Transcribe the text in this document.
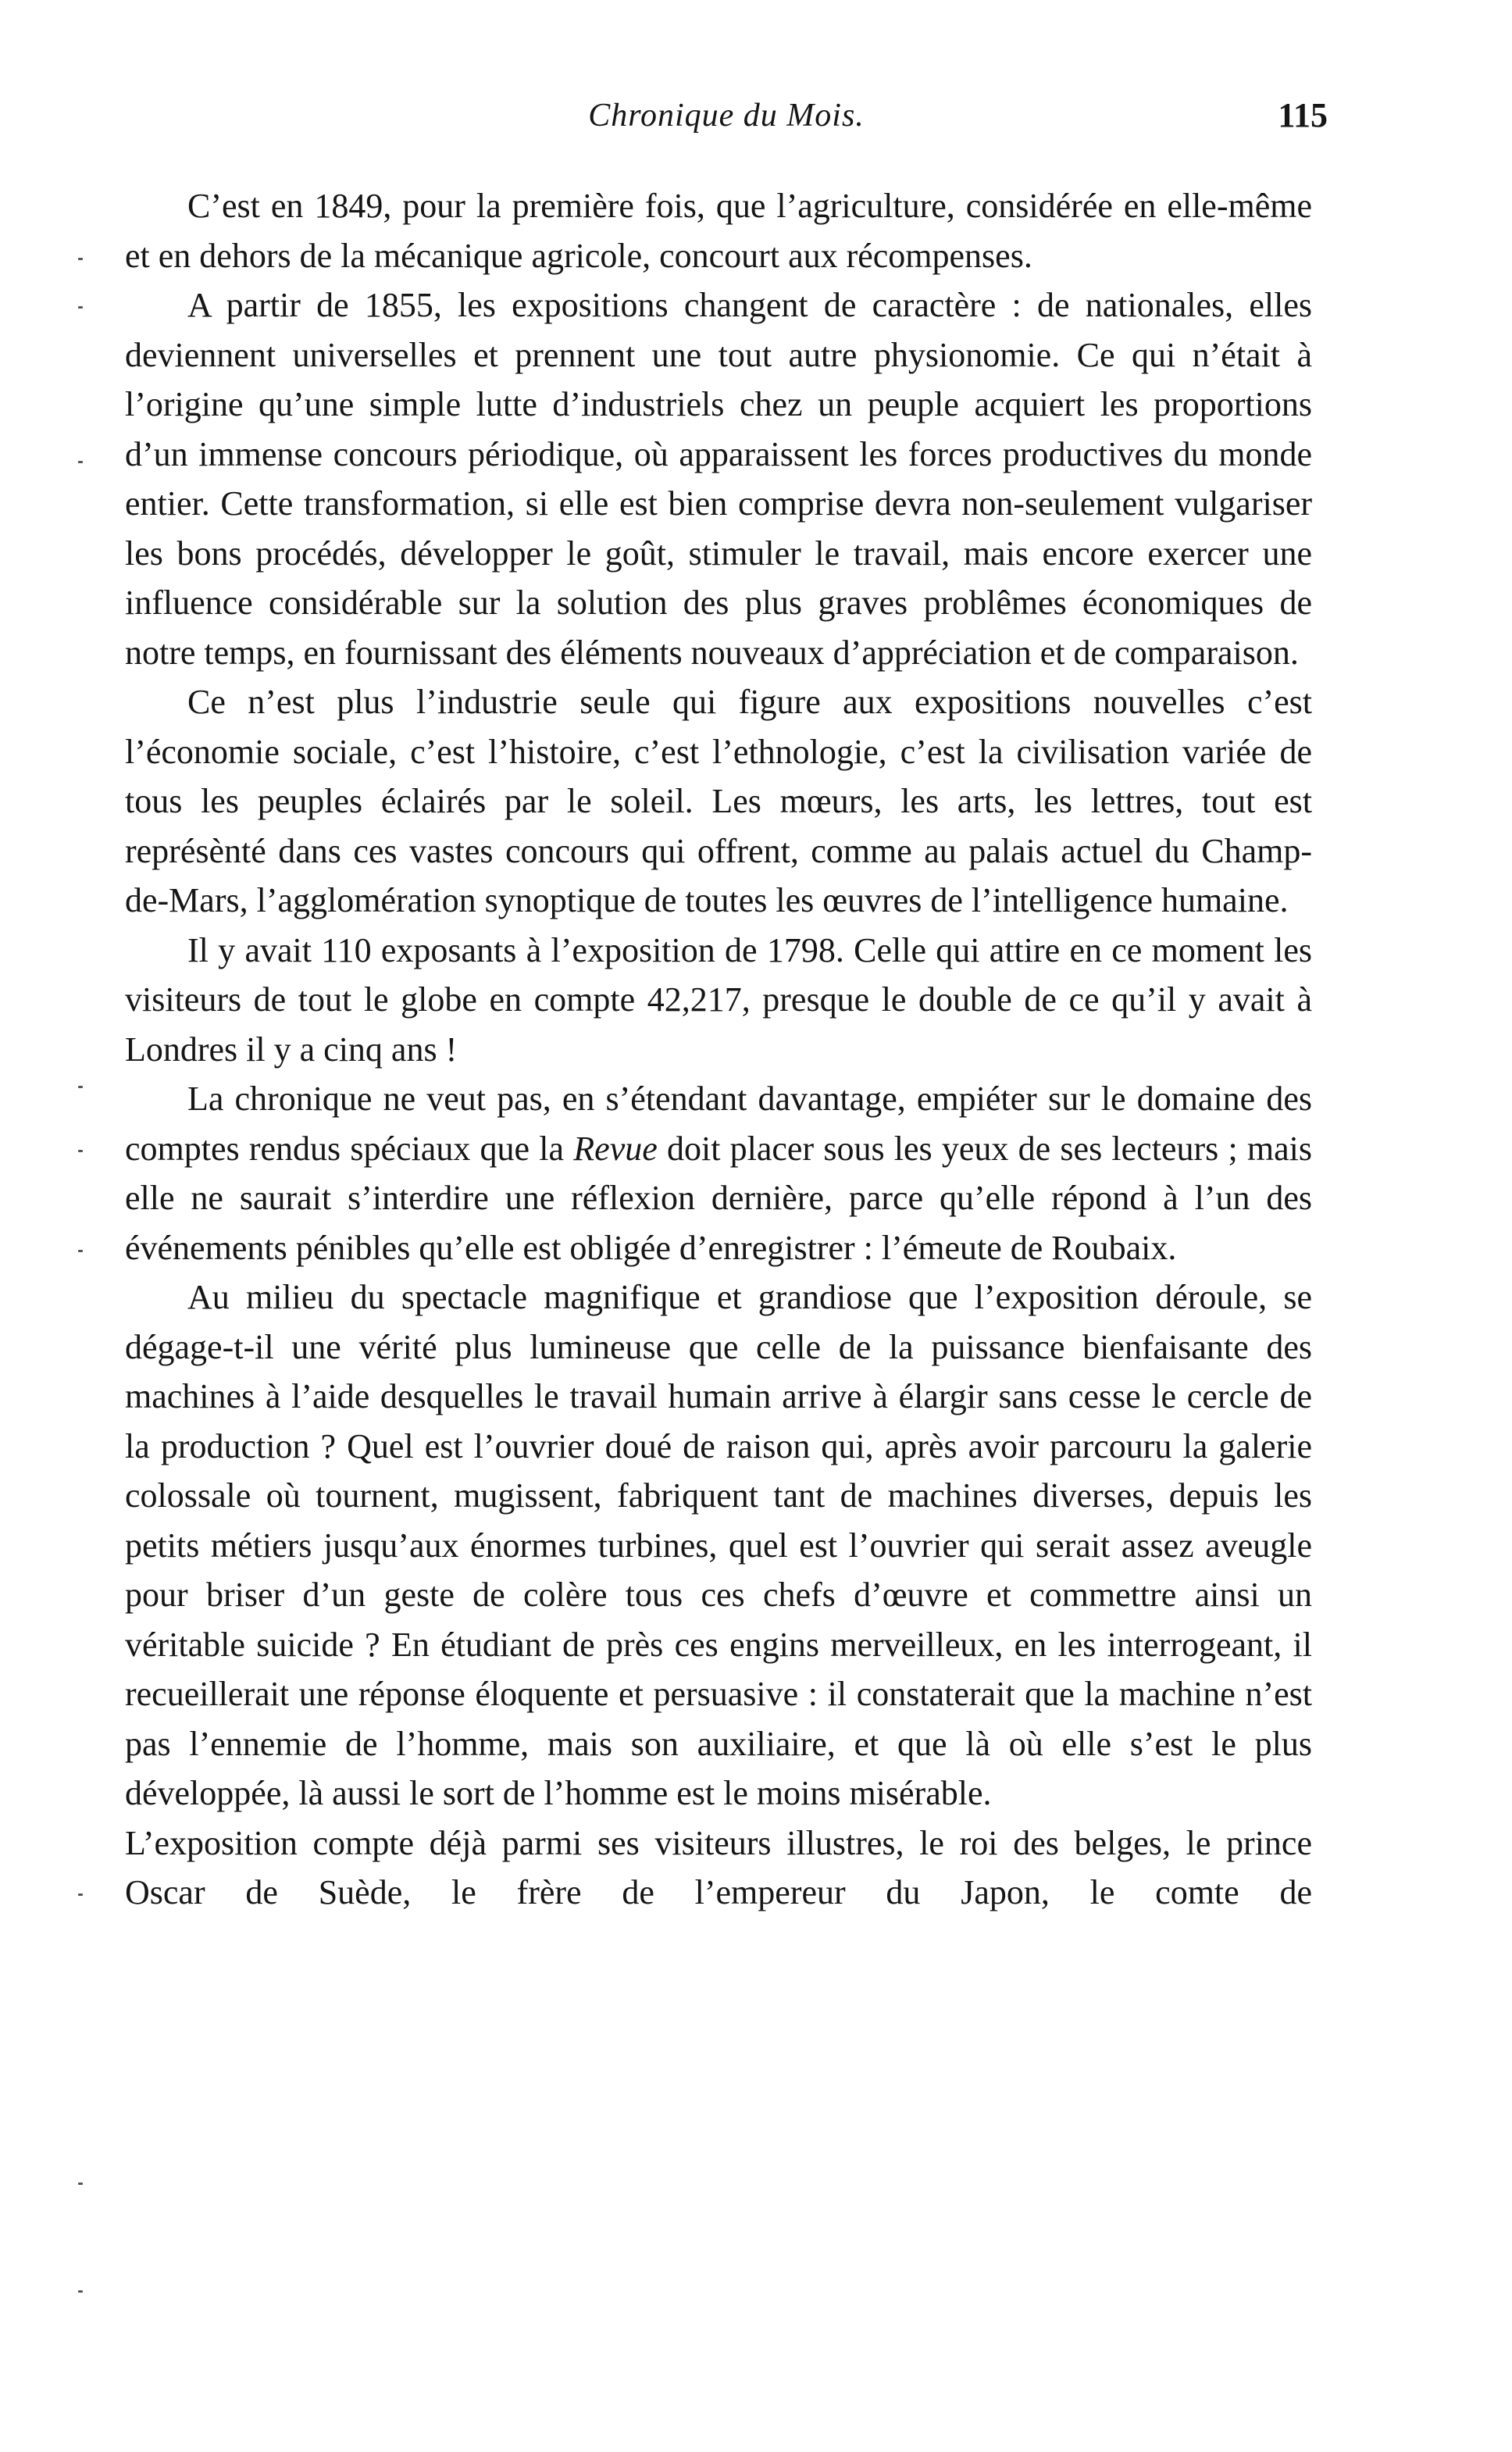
Chronique du Mois.	115

C’est en 1849, pour la première fois, que l’agriculture, considérée en elle-même et en dehors de la mécanique agricole, concourt aux récompenses.

A partir de 1855, les expositions changent de caractère : de nationales, elles deviennent universelles et prennent une tout autre physionomie. Ce qui n’était à l’origine qu’une simple lutte d’industriels chez un peuple acquiert les proportions d’un immense concours périodique, où apparaissent les forces productives du monde entier. Cette transformation, si elle est bien comprise devra non-seulement vulgariser les bons procédés, développer le goût, stimuler le travail, mais encore exercer une influence considérable sur la solution des plus graves problêmes économiques de notre temps, en fournissant des éléments nouveaux d’appréciation et de comparaison.

Ce n’est plus l’industrie seule qui figure aux expositions nouvelles c’est l’économie sociale, c’est l’histoire, c’est l’ethnologie, c’est la civilisation variée de tous les peuples éclairés par le soleil. Les mœurs, les arts, les lettres, tout est représènté dans ces vastes concours qui offrent, comme au palais actuel du Champ-de-Mars, l’agglomération synoptique de toutes les œuvres de l’intelligence humaine.

Il y avait 110 exposants à l’exposition de 1798. Celle qui attire en ce moment les visiteurs de tout le globe en compte 42,217, presque le double de ce qu’il y avait à Londres il y a cinq ans !

La chronique ne veut pas, en s’étendant davantage, empiéter sur le domaine des comptes rendus spéciaux que la Revue doit placer sous les yeux de ses lecteurs ; mais elle ne saurait s’interdire une réflexion dernière, parce qu’elle répond à l’un des événements pénibles qu’elle est obligée d’enregistrer : l’émeute de Roubaix.

Au milieu du spectacle magnifique et grandiose que l’exposition déroule, se dégage-t-il une vérité plus lumineuse que celle de la puissance bienfaisante des machines à l’aide desquelles le travail humain arrive à élargir sans cesse le cercle de la production ? Quel est l’ouvrier doué de raison qui, après avoir parcouru la galerie colossale où tournent, mugissent, fabriquent tant de machines diverses, depuis les petits métiers jusqu’aux énormes turbines, quel est l’ouvrier qui serait assez aveugle pour briser d’un geste de colère tous ces chefs d’œuvre et commettre ainsi un véritable suicide ? En étudiant de près ces engins merveilleux, en les interrogeant, il recueillerait une réponse éloquente et persuasive : il constaterait que la machine n’est pas l’ennemie de l’homme, mais son auxiliaire, et que là où elle s’est le plus développée, là aussi le sort de l’homme est le moins misérable.

L’exposition compte déjà parmi ses visiteurs illustres, le roi des belges, le prince Oscar de Suède, le frère de l’empereur du Japon, le comte de
